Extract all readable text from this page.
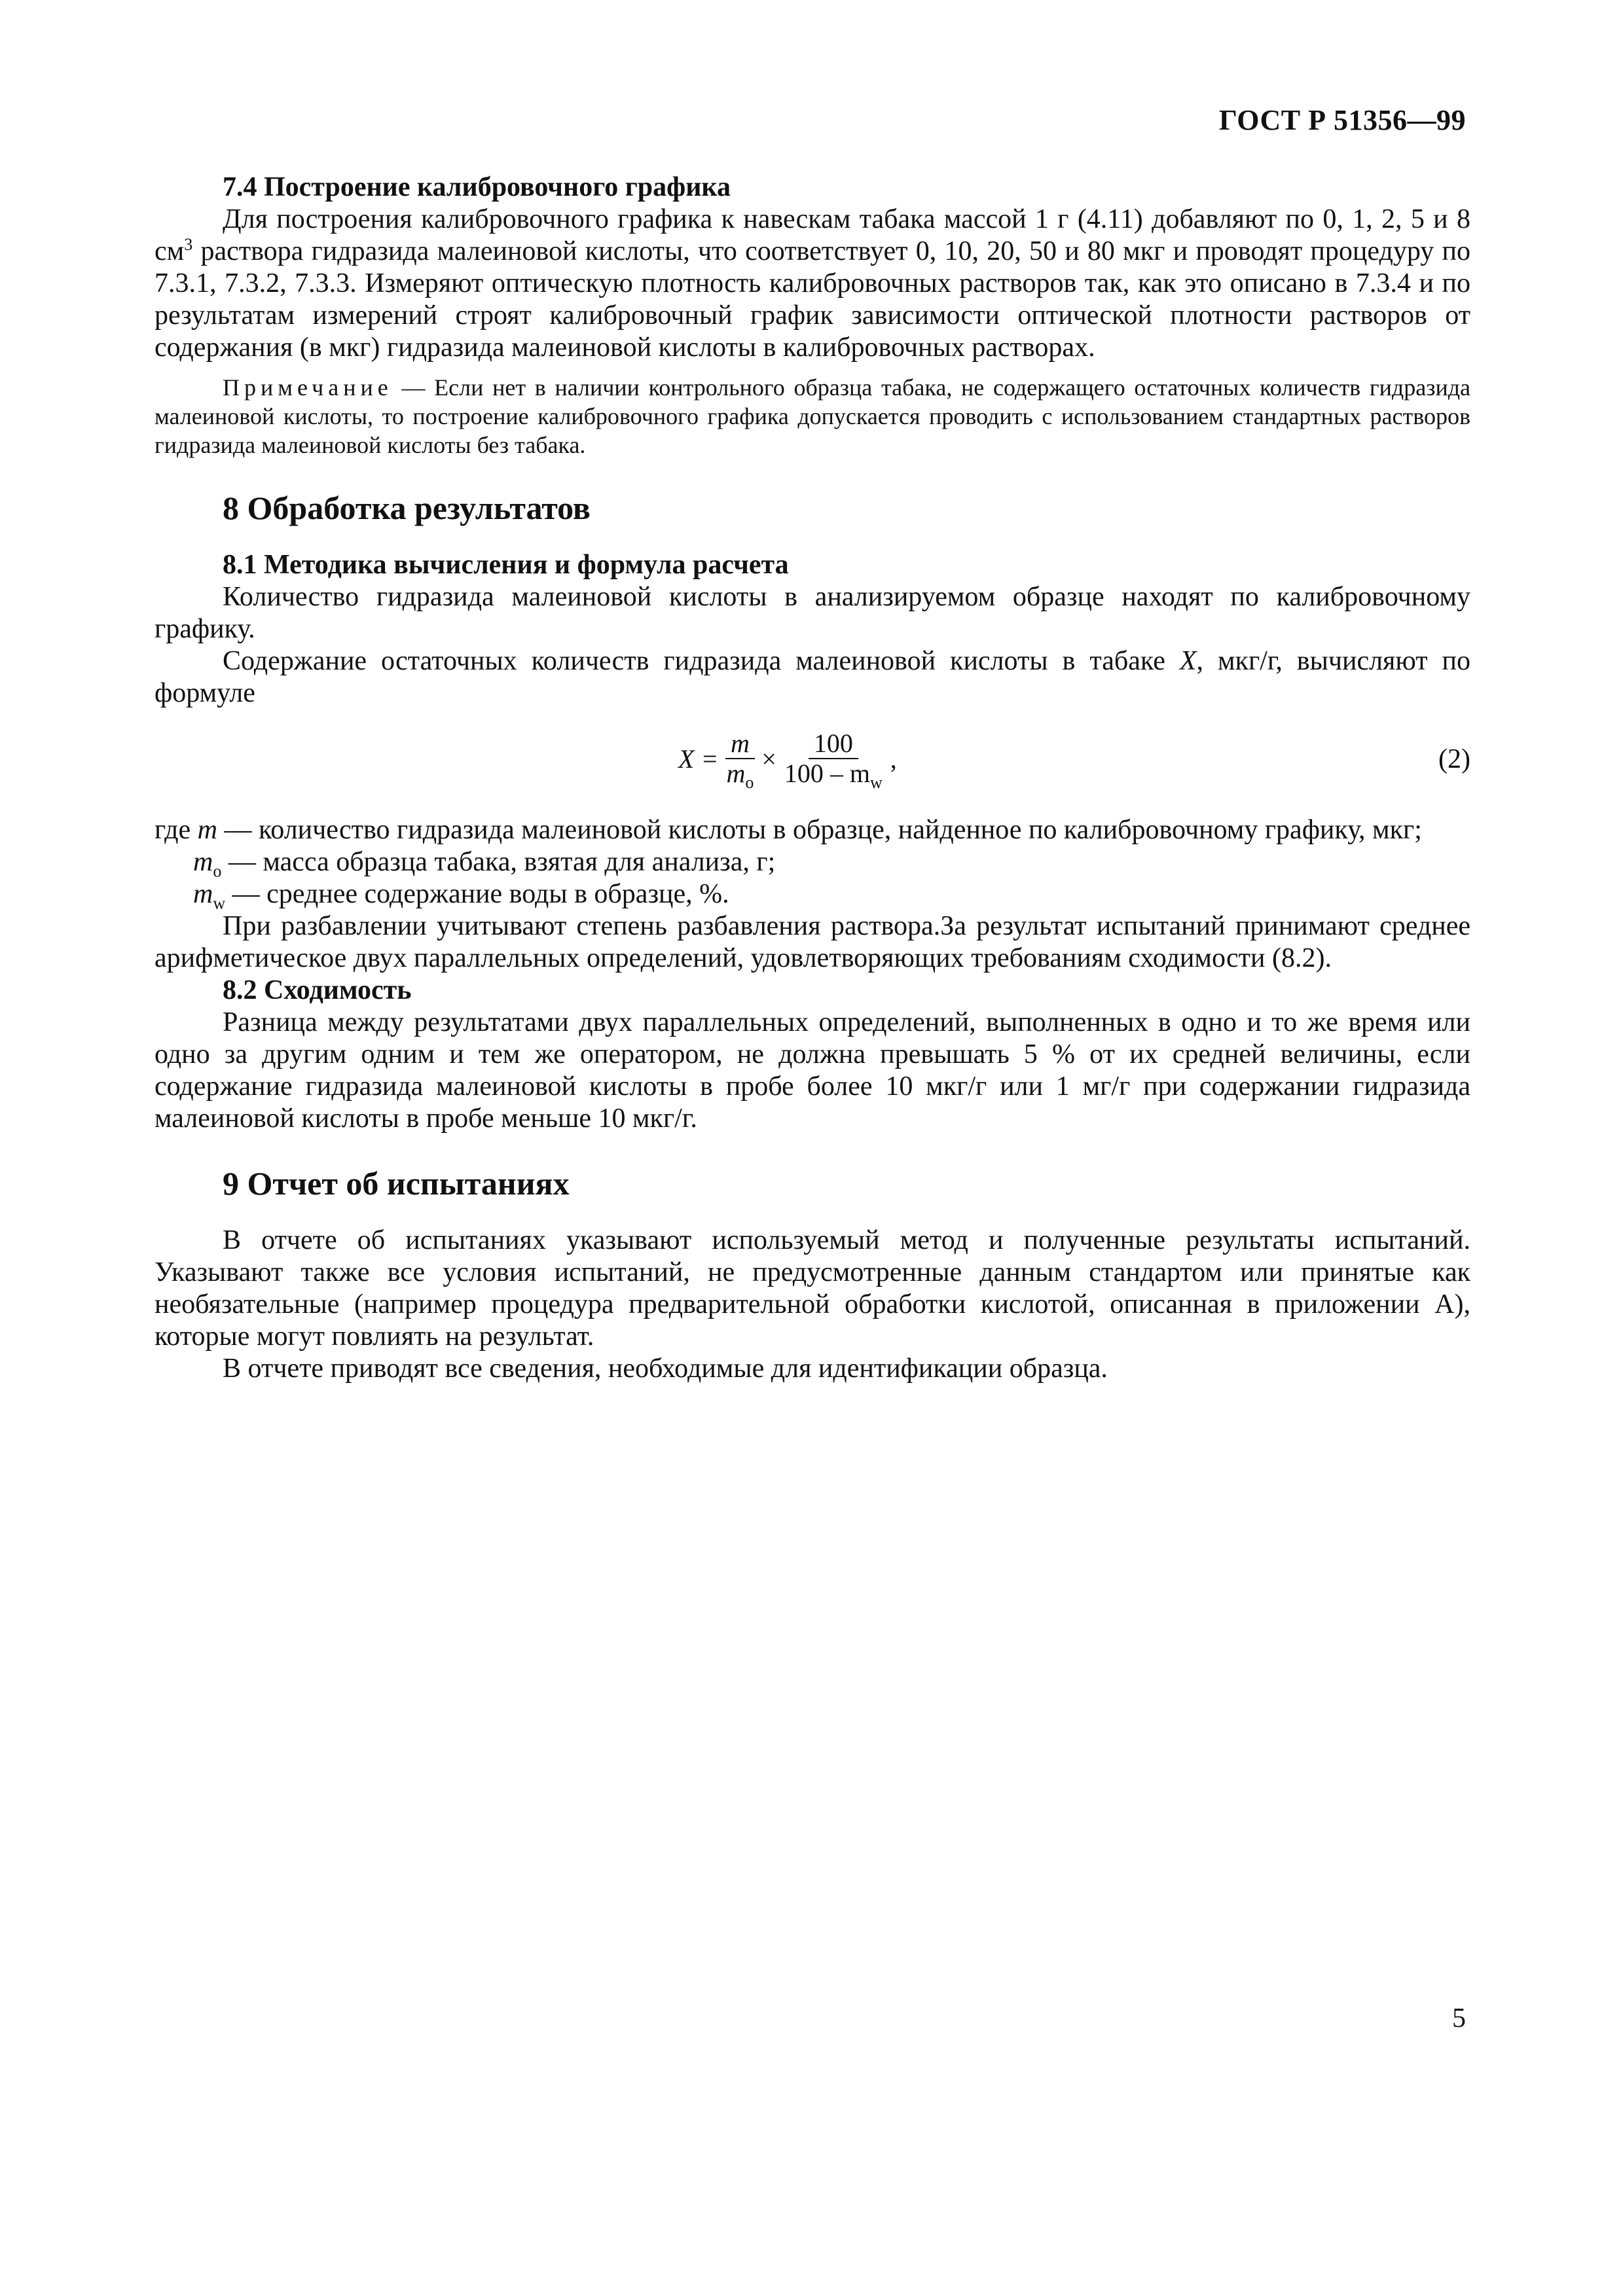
ГОСТ Р 51356—99

7.4 Построение калибровочного графика

Для построения калибровочного графика к навескам табака массой 1 г (4.11) добавляют по 0, 1, 2, 5 и 8 $см^3$ раствора гидразида малеиновой кислоты, что соответствует 0, 10, 20, 50 и 80 мкг и проводят процедуру по 7.3.1, 7.3.2, 7.3.3. Измеряют оптическую плотность калибровочных растворов так, как это описано в 7.3.4 и по результатам измерений строят калибровочный график зависимости оптической плотности растворов от содержания (в мкг) гидразида малеиновой кислоты в калибровочных растворах.

Примечание — Если нет в наличии контрольного образца табака, не содержащего остаточных количеств гидразида малеиновой кислоты, то построение калибровочного графика допускается проводить с использованием стандартных растворов гидразида малеиновой кислоты без табака.

8 Обработка результатов

8.1 Методика вычисления и формула расчета

Количество гидразида малеиновой кислоты в анализируемом образце находят по калибровочному графику.

Содержание остаточных количеств гидразида малеиновой кислоты в табаке X, мкг/г, вычисляют по формуле

$X = \frac{m}{m_o} \times \frac{100}{100 - m_w}$ ,	(2)

где m — количество гидразида малеиновой кислоты в образце, найденное по калибровочному графику, мкг;

$m_o$ — масса образца табака, взятая для анализа, г;

$m_w$ — среднее содержание воды в образце, %.

При разбавлении учитывают степень разбавления раствора.За результат испытаний принимают среднее арифметическое двух параллельных определений, удовлетворяющих требованиям сходимости (8.2).

8.2 Сходимость

Разница между результатами двух параллельных определений, выполненных в одно и то же время или одно за другим одним и тем же оператором, не должна превышать 5 % от их средней величины, если содержание гидразида малеиновой кислоты в пробе более 10 мкг/г или 1 мг/г при содержании гидразида малеиновой кислоты в пробе меньше 10 мкг/г.

9 Отчет об испытаниях

В отчете об испытаниях указывают используемый метод и полученные результаты испытаний. Указывают также все условия испытаний, не предусмотренные данным стандартом или принятые как необязательные (например процедура предварительной обработки кислотой, описанная в приложении А), которые могут повлиять на результат.

В отчете приводят все сведения, необходимые для идентификации образца.

5
